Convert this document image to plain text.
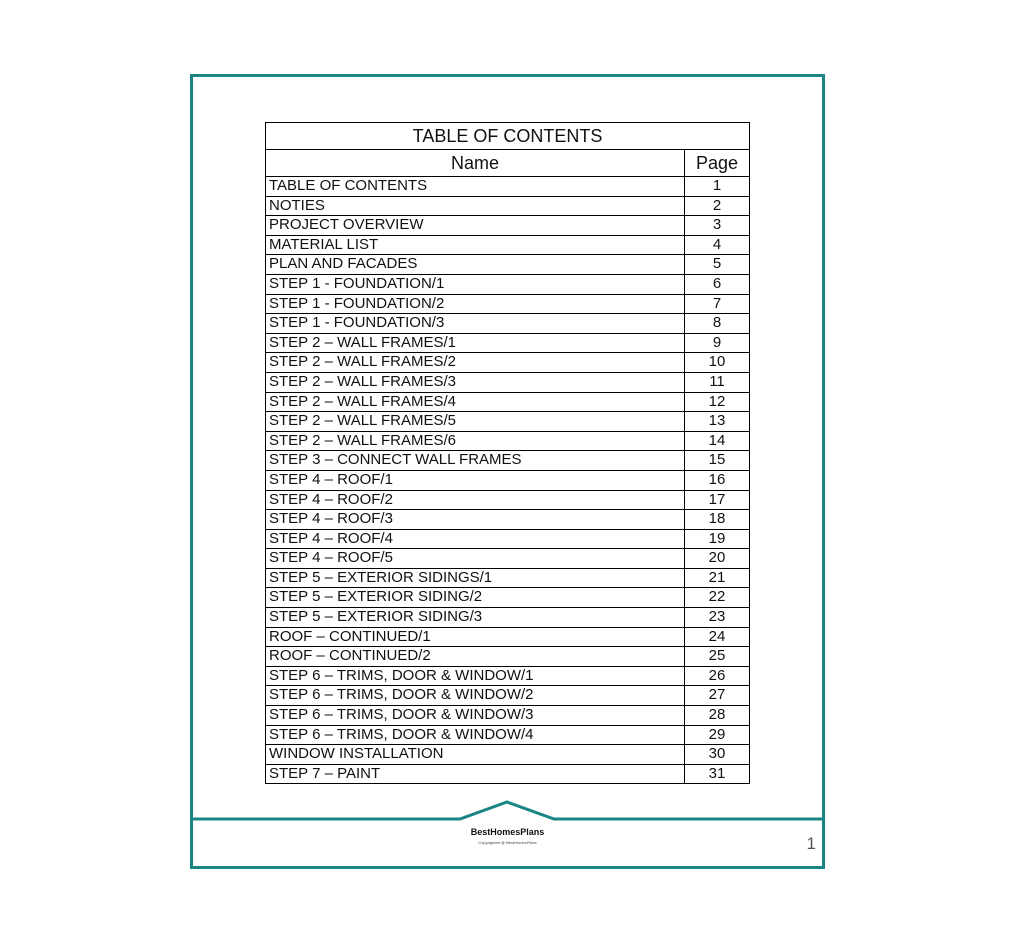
TABLE OF CONTENTS	
Name	Page
TABLE OF CONTENTS	1
NOTIES	2
PROJECT OVERVIEW	3
MATERIAL LIST	4
PLAN AND FACADES	5
STEP 1 - FOUNDATION/1	6
STEP 1 - FOUNDATION/2	7
STEP 1 - FOUNDATION/3	8
STEP 2 – WALL FRAMES/1	9
STEP 2 – WALL FRAMES/2	10
STEP 2 – WALL FRAMES/3	11
STEP 2 – WALL FRAMES/4	12
STEP 2 – WALL FRAMES/5	13
STEP 2 – WALL FRAMES/6	14
STEP 3 – CONNECT WALL FRAMES	15
STEP 4 – ROOF/1	16
STEP 4 – ROOF/2	17
STEP 4 – ROOF/3	18
STEP 4 – ROOF/4	19
STEP 4 – ROOF/5	20
STEP 5 – EXTERIOR SIDINGS/1	21
STEP 5 – EXTERIOR SIDING/2	22
STEP 5 – EXTERIOR SIDING/3	23
ROOF – CONTINUED/1	24
ROOF – CONTINUED/2	25
STEP 6 – TRIMS, DOOR & WINDOW/1	26
STEP 6 – TRIMS, DOOR & WINDOW/2	27
STEP 6 – TRIMS, DOOR & WINDOW/3	28
STEP 6 – TRIMS, DOOR & WINDOW/4	29
WINDOW INSTALLATION	30
STEP 7 – PAINT	31
BestHomesPlans
Copyrighted @ BestHomesPlans	1
